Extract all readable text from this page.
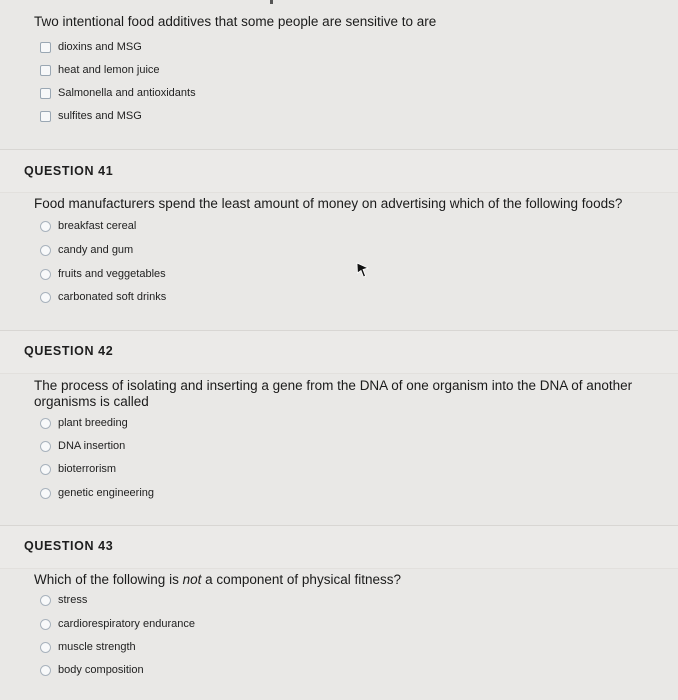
Two intentional food additives that some people are sensitive to are
dioxins and MSG
heat and lemon juice
Salmonella and antioxidants
sulfites and MSG
QUESTION 41
Food manufacturers spend the least amount of money on advertising which of the following foods?
breakfast cereal
candy and gum
fruits and veggetables
carbonated soft drinks
QUESTION 42
The process of isolating and inserting a gene from the DNA of one organism into the DNA of another organisms is called
plant breeding
DNA insertion
bioterrorism
genetic engineering
QUESTION 43
Which of the following is not a component of physical fitness?
stress
cardiorespiratory endurance
muscle strength
body composition
